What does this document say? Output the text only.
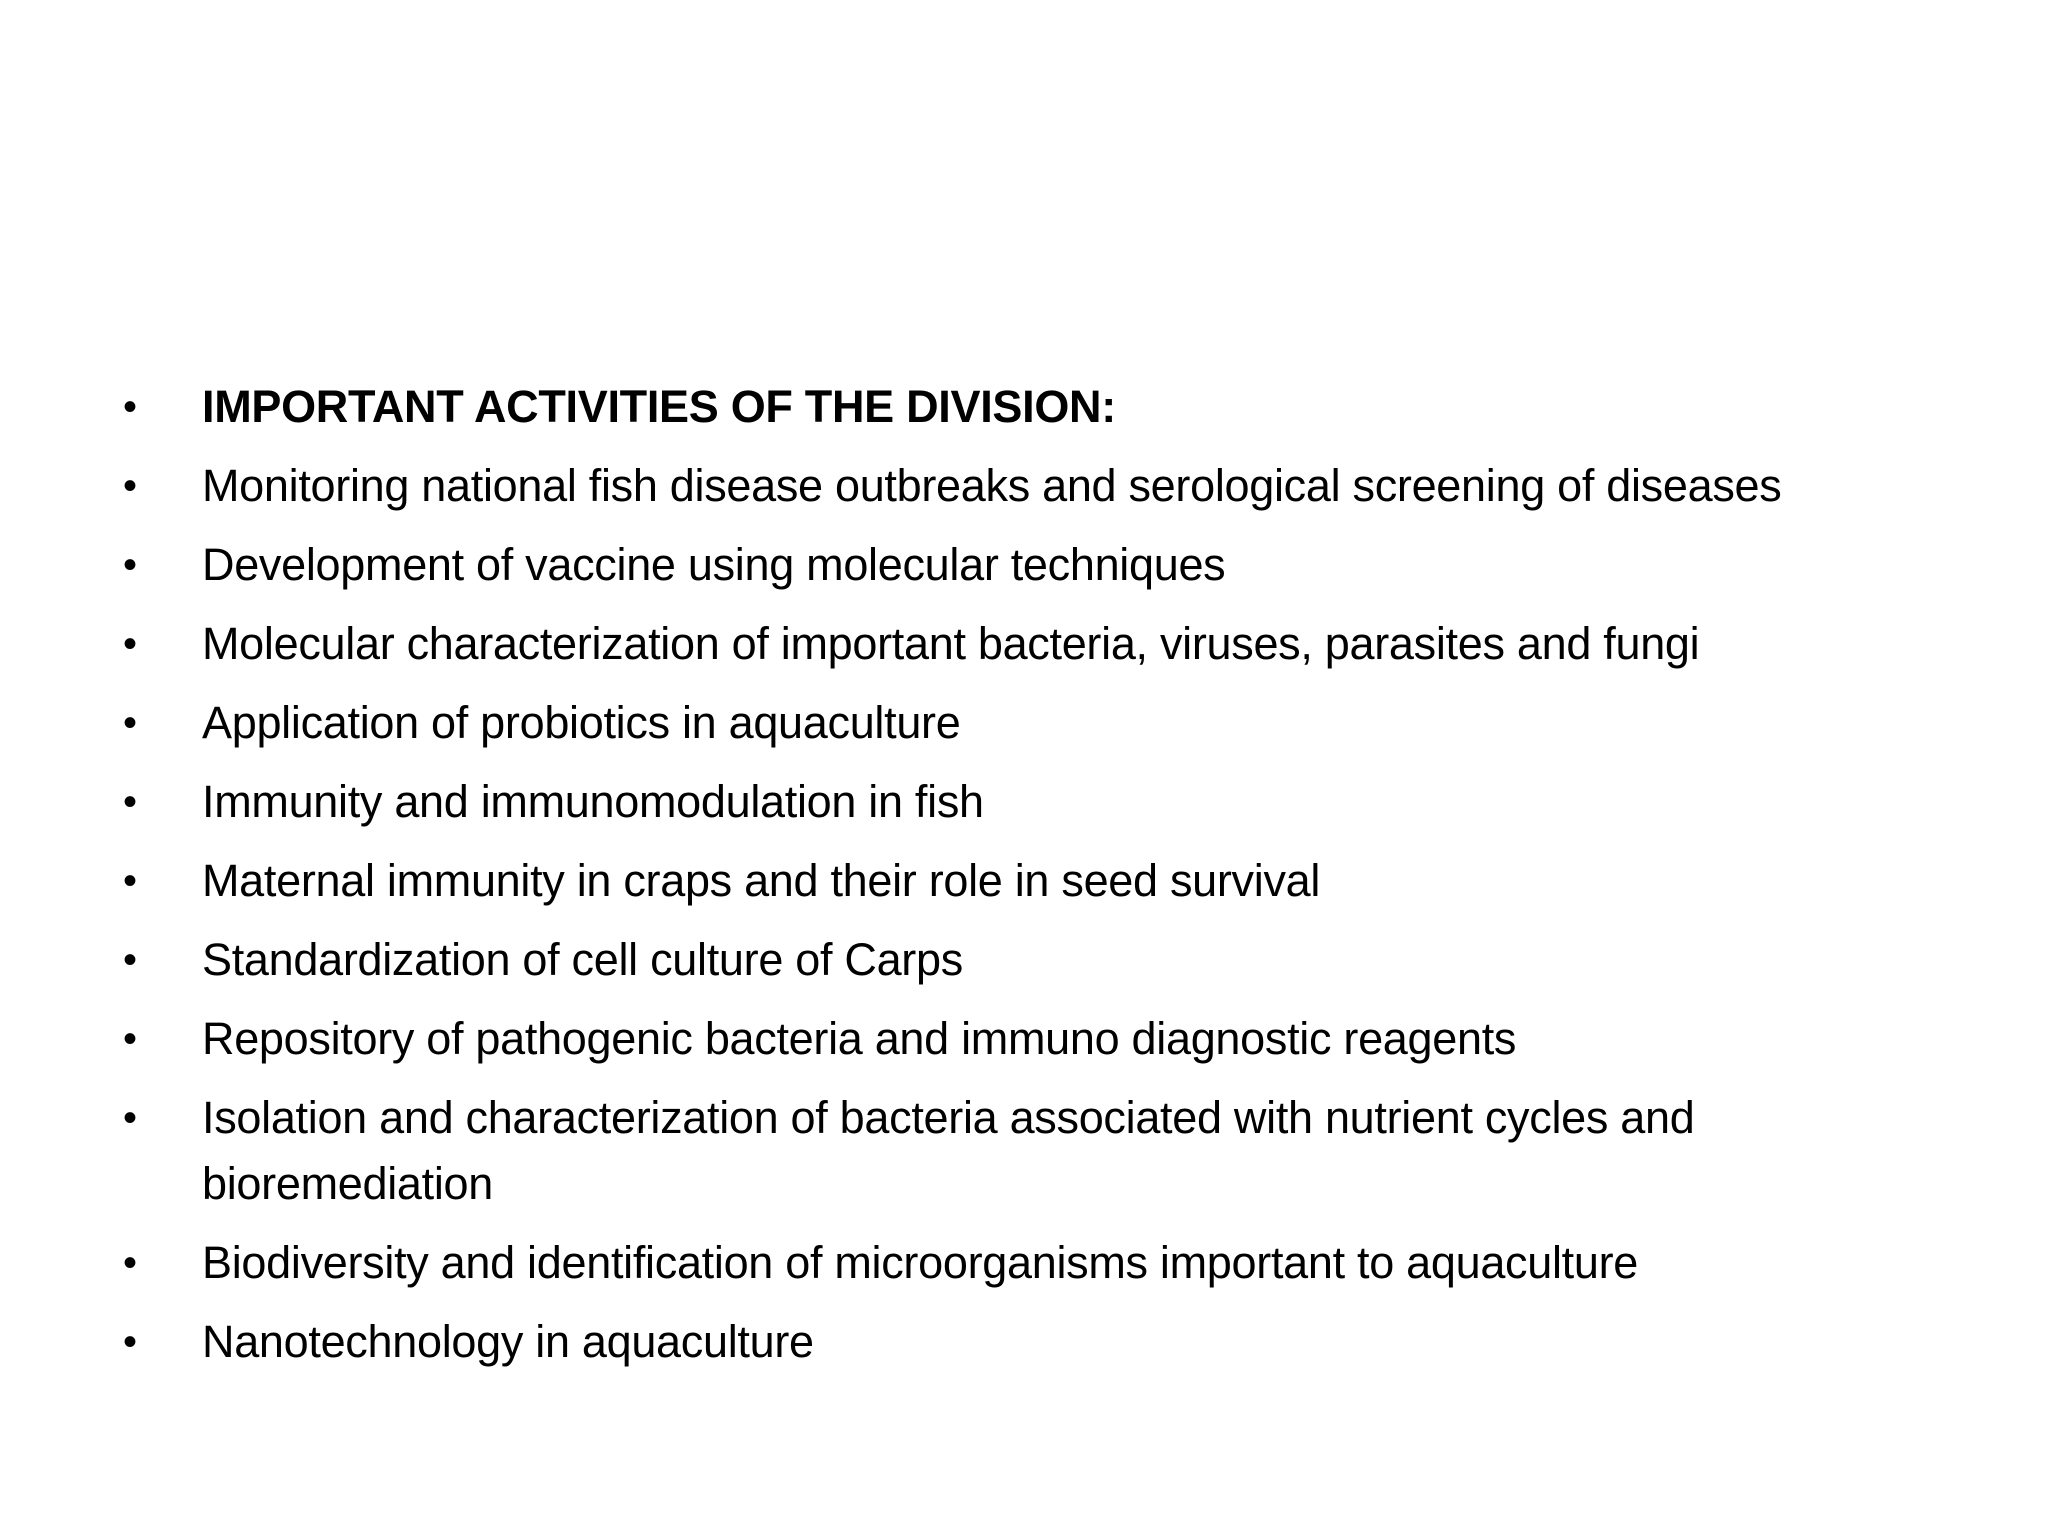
•	IMPORTANT ACTIVITIES OF THE DIVISION:
•	Monitoring national fish disease outbreaks and serological screening of diseases
•	Development of vaccine using molecular techniques
•	Molecular characterization of important bacteria, viruses, parasites and fungi
•	Application of probiotics in aquaculture
•	Immunity and immunomodulation in fish
•	Maternal immunity in craps and their role in seed survival
•	Standardization of cell culture of Carps
•	Repository of pathogenic bacteria and immuno diagnostic reagents
•	Isolation and characterization of bacteria associated with nutrient cycles and bioremediation
•	Biodiversity and identification of microorganisms important to aquaculture
•	Nanotechnology in aquaculture
